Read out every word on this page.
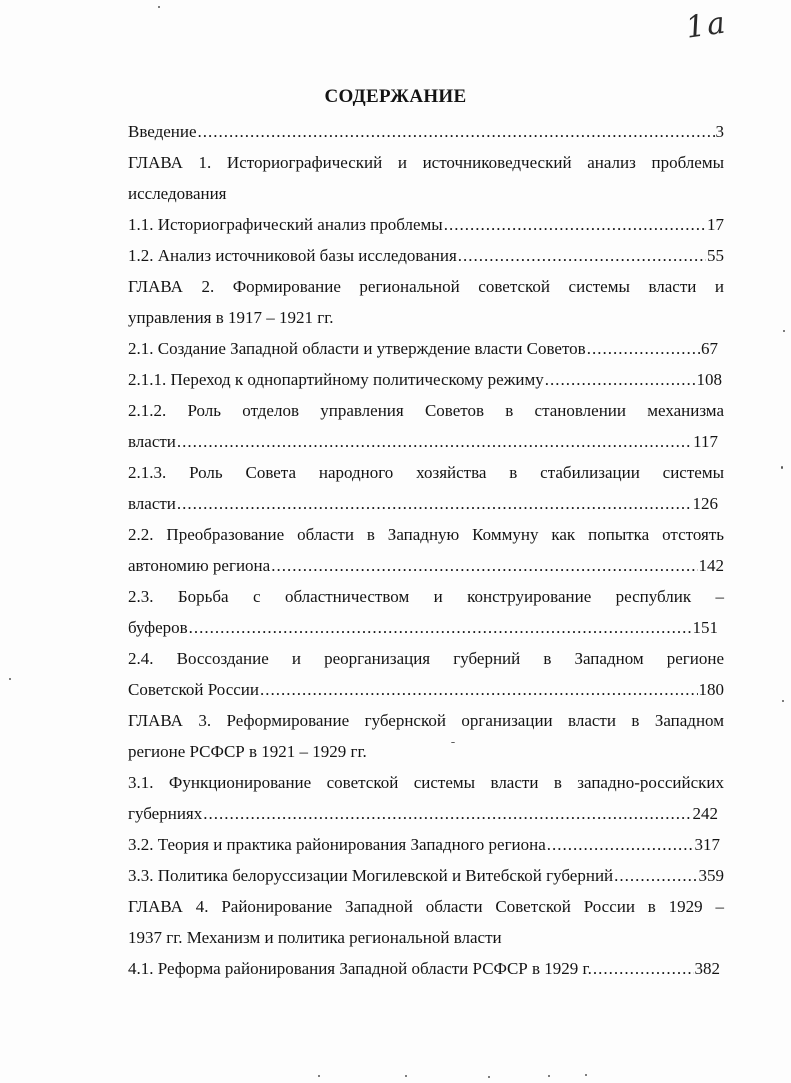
1a
СОДЕРЖАНИЕ
Введение .....	3
ГЛАВА 1. Историографический и источниковедческий анализ проблемы
исследования
1.1. Историографический анализ проблемы .....	17
1.2. Анализ источниковой базы исследования .....	55
ГЛАВА 2. Формирование региональной советской системы власти и
управления в 1917 – 1921 гг.
2.1. Создание Западной области и утверждение власти Советов .....	67
2.1.1. Переход к однопартийному политическому режиму .....	108
2.1.2. Роль отделов управления Советов в становлении механизма
власти .....	117
2.1.3. Роль Совета народного хозяйства в стабилизации системы
власти .....	126
2.2. Преобразование области в Западную Коммуну как попытка отстоять
автономию региона .....	142
2.3. Борьба с областничеством и конструирование республик –
буферов .....	151
2.4. Воссоздание и реорганизация губерний в Западном регионе
Советской России .....	180
ГЛАВА 3. Реформирование губернской организации власти в Западном
регионе РСФСР в 1921 – 1929 гг.
3.1. Функционирование советской системы власти в западно-российских
губерниях .....	242
3.2. Теория и практика районирования Западного региона .....	317
3.3. Политика белоруссизации Могилевской и Витебской губерний .....	359
ГЛАВА 4. Районирование Западной области Советской России в 1929 –
1937 гг. Механизм и политика региональной власти
4.1. Реформа районирования Западной области РСФСР в 1929 г. .....	382
